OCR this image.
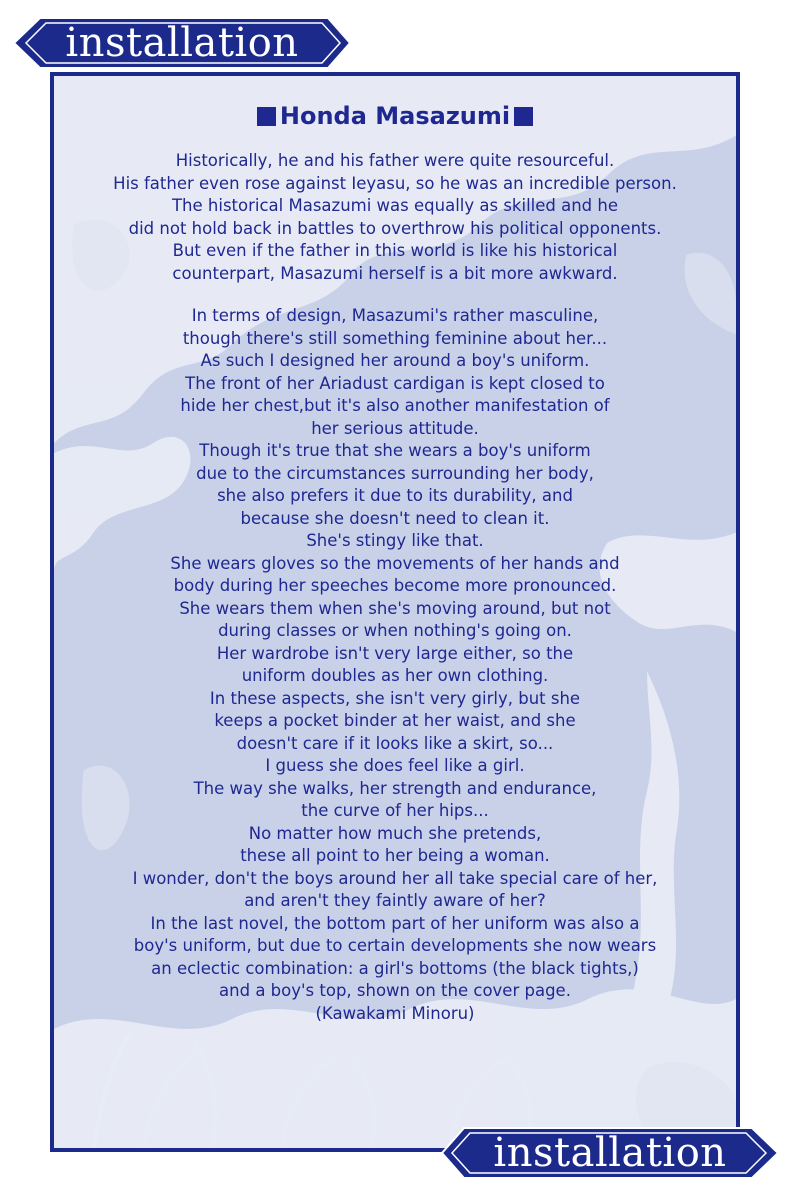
installation
installation
Honda Masazumi

Historically, he and his father were quite resourceful.

His father even rose against Ieyasu, so he was an incredible person.

The historical Masazumi was equally as skilled and he

did not hold back in battles to overthrow his political opponents.

But even if the father in this world is like his historical

counterpart, Masazumi herself is a bit more awkward.

In terms of design, Masazumi's rather masculine,

though there's still something feminine about her...

As such I designed her around a boy's uniform.

The front of her Ariadust cardigan is kept closed to

hide her chest,but it's also another manifestation of

her serious attitude.

Though it's true that she wears a boy's uniform

due to the circumstances surrounding her body,

she also prefers it due to its durability, and

because she doesn't need to clean it.

She's stingy like that.

She wears gloves so the movements of her hands and

body during her speeches become more pronounced.

She wears them when she's moving around, but not

during classes or when nothing's going on.

Her wardrobe isn't very large either, so the

uniform doubles as her own clothing.

In these aspects, she isn't very girly, but she

keeps a pocket binder at her waist, and she

doesn't care if it looks like a skirt, so...

I guess she does feel like a girl.

The way she walks, her strength and endurance,

the curve of her hips...

No matter how much she pretends,

these all point to her being a woman.

I wonder, don't the boys around her all take special care of her,

and aren't they faintly aware of her?

In the last novel, the bottom part of her uniform was also a

boy's uniform, but due to certain developments she now wears

an eclectic combination: a girl's bottoms (the black tights,)

and a boy's top, shown on the cover page.

(Kawakami Minoru)
